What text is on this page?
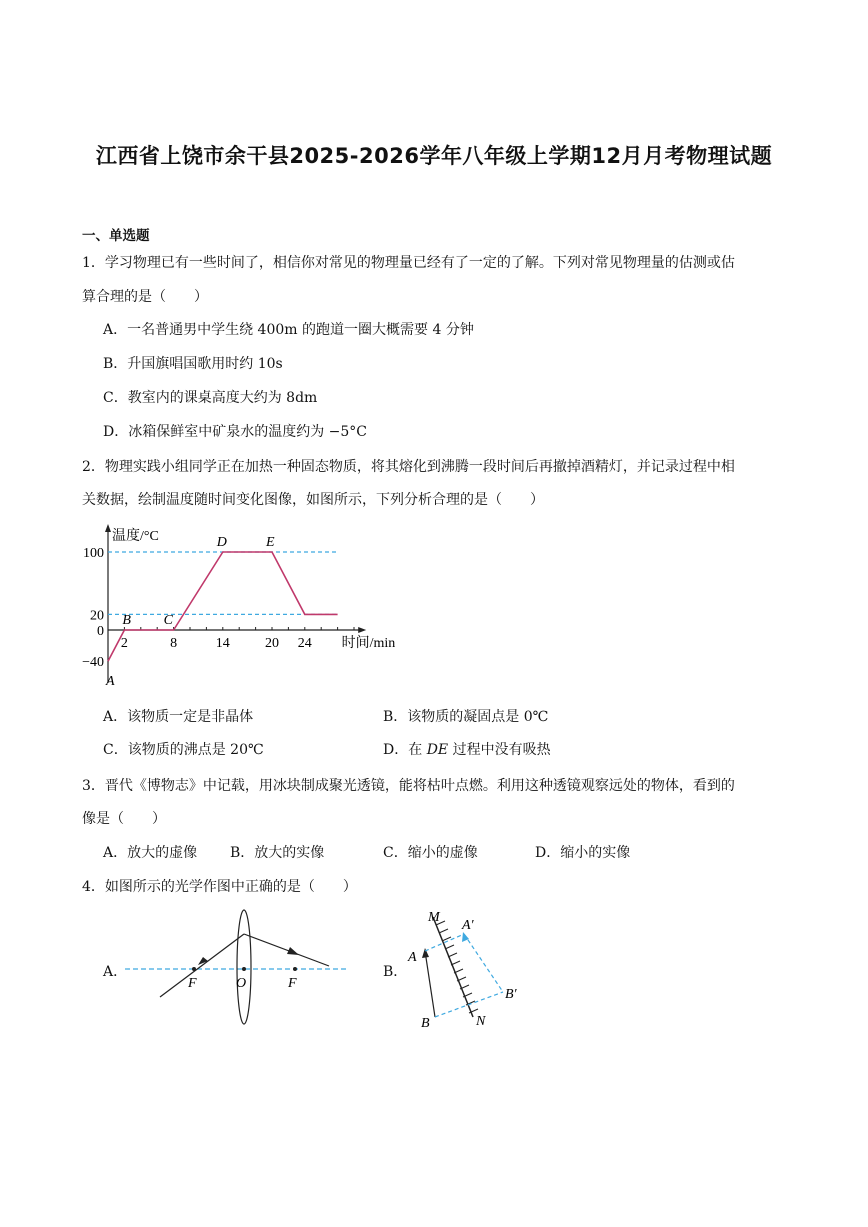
江西省上饶市余干县2025-2026学年八年级上学期12月月考物理试题
一、单选题
1．学习物理已有一些时间了，相信你对常见的物理量已经有了一定的了解。下列对常见物理量的估测或估
算合理的是（　　）
A．一名普通男中学生绕 400m 的跑道一圈大概需要 4 分钟
B．升国旗唱国歌用时约 10s
C．教室内的课桌高度大约为 8dm
D．冰箱保鲜室中矿泉水的温度约为 −5°C
2．物理实践小组同学正在加热一种固态物质，将其熔化到沸腾一段时间后再撤掉酒精灯，并记录过程中相
关数据，绘制温度随时间变化图像，如图所示，下列分析合理的是（　　）
100
20
0
−40
2	8	14	20 24
温度/°C
时间/min
A
B C
D	E
A．该物质一定是非晶体	B．该物质的凝固点是 0℃
C．该物质的沸点是 20℃	D．在 DE 过程中没有吸热
3．晋代《博物志》中记载，用冰块制成聚光透镜，能将枯叶点燃。利用这种透镜观察远处的物体，看到的
像是（　　）
A．放大的虚像 B．放大的实像	C．缩小的虚像	D．缩小的实像
4．如图所示的光学作图中正确的是（　　）
A．	B．
F	O	F
M
A′
A
B′
B	N
